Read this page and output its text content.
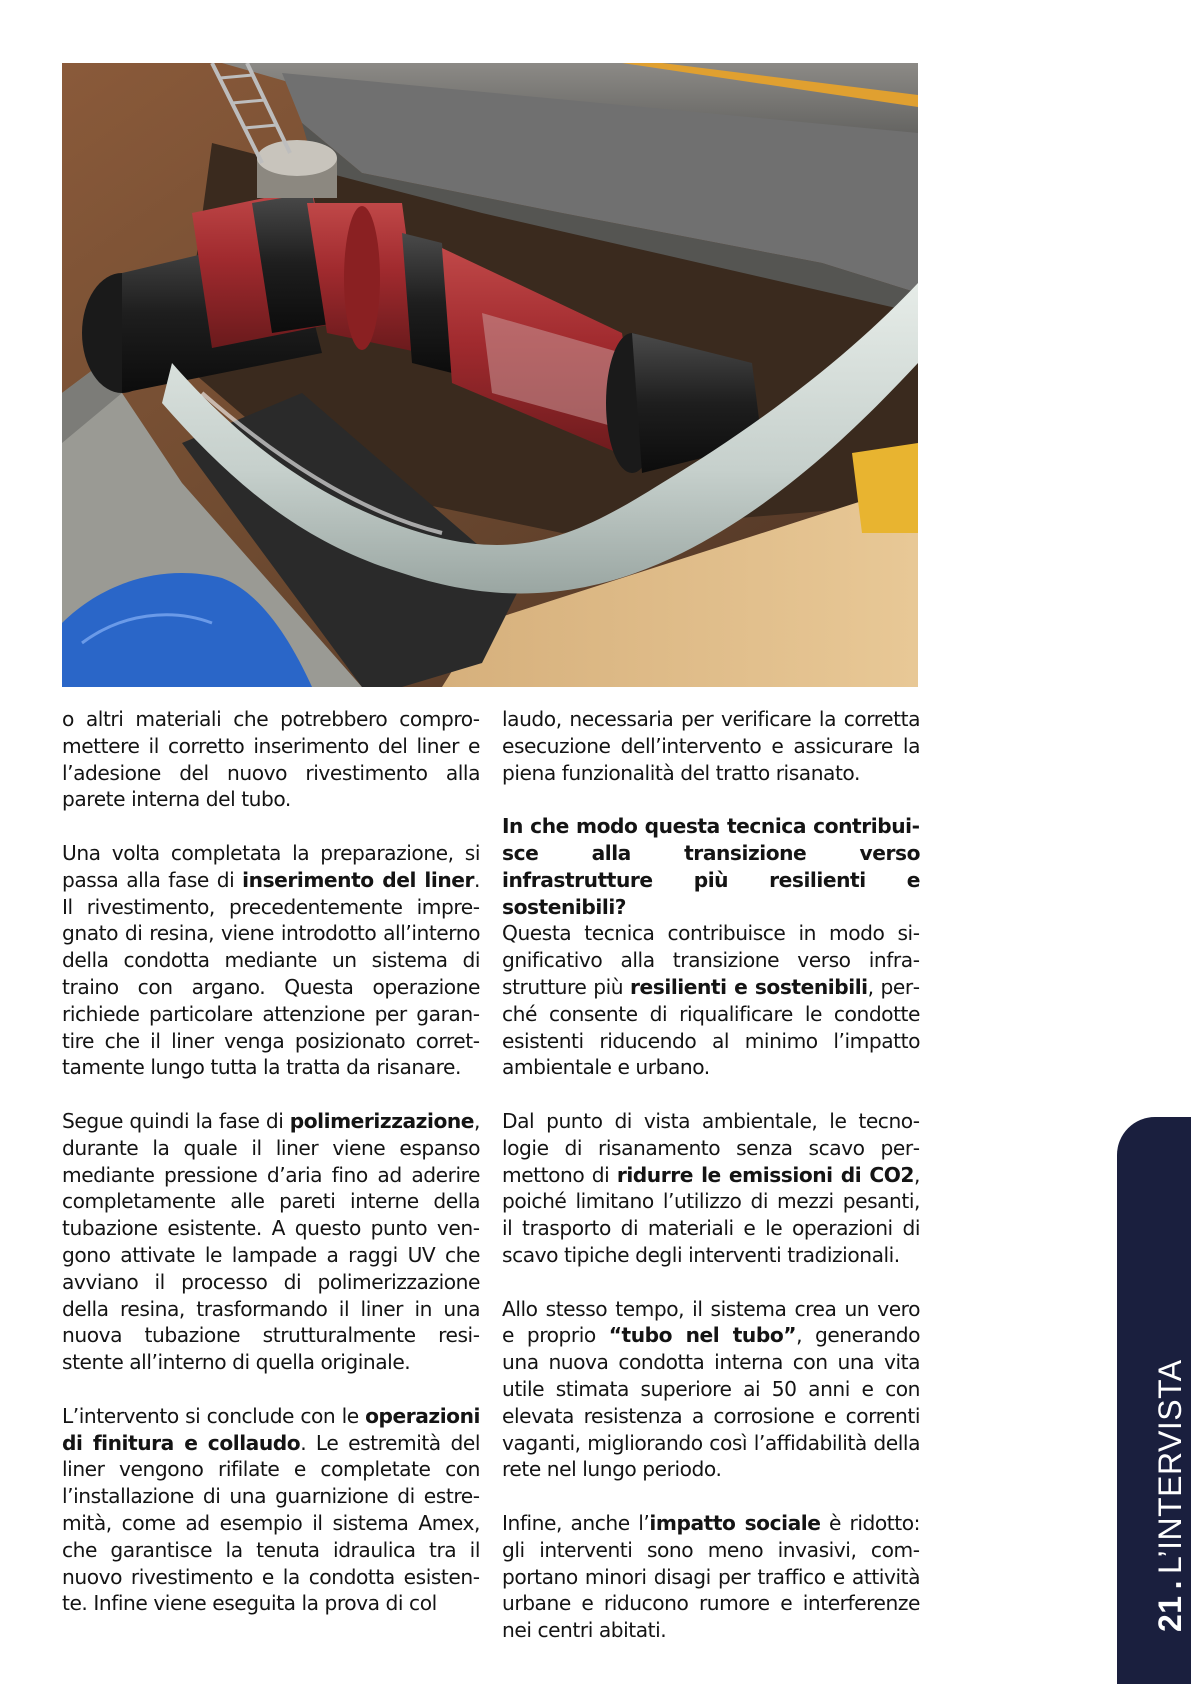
o altri materiali che potrebbero compromettere il corretto inserimento del liner e l’adesione del nuovo rivestimento alla parete interna del tubo.

Una volta completata la preparazione, si passa alla fase di inserimento del liner. Il rivestimento, precedentemente impregnato di resina, viene introdotto all’interno della condotta mediante un sistema di traino con argano. Questa operazione richiede particolare attenzione per garantire che il liner venga posizionato correttamente lungo tutta la tratta da risanare.

Segue quindi la fase di polimerizzazione, durante la quale il liner viene espanso mediante pressione d’aria fino ad aderire completamente alle pareti interne della tubazione esistente. A questo punto vengono attivate le lampade a raggi UV che avviano il processo di polimerizzazione della resina, trasformando il liner in una nuova tubazione strutturalmente resistente all’interno di quella originale.

L’intervento si conclude con le operazioni di finitura e collaudo. Le estremità del liner vengono rifilate e completate con l’installazione di una guarnizione di estremità, come ad esempio il sistema Amex, che garantisce la tenuta idraulica tra il nuovo rivestimento e la condotta esistente. Infine viene eseguita la prova di col

laudo, necessaria per verificare la corretta esecuzione dell’intervento e assicurare la piena funzionalità del tratto risanato.

In che modo questa tecnica contribuisce alla transizione verso infrastrutture più resilienti e sostenibili?

Questa tecnica contribuisce in modo significativo alla transizione verso infrastrutture più resilienti e sostenibili, perché consente di riqualificare le condotte esistenti riducendo al minimo l’impatto ambientale e urbano.

Dal punto di vista ambientale, le tecnologie di risanamento senza scavo permettono di ridurre le emissioni di CO2, poiché limitano l’utilizzo di mezzi pesanti, il trasporto di materiali e le operazioni di scavo tipiche degli interventi tradizionali.

Allo stesso tempo, il sistema crea un vero e proprio “tubo nel tubo”, generando una nuova condotta interna con una vita utile stimata superiore ai 50 anni e con elevata resistenza a corrosione e correnti vaganti, migliorando così l’affidabilità della rete nel lungo periodo.

Infine, anche l’impatto sociale è ridotto: gli interventi sono meno invasivi, comportano minori disagi per traffico e attività urbane e riducono rumore e interferenze nei centri abitati.	21.L’INTERVISTA
